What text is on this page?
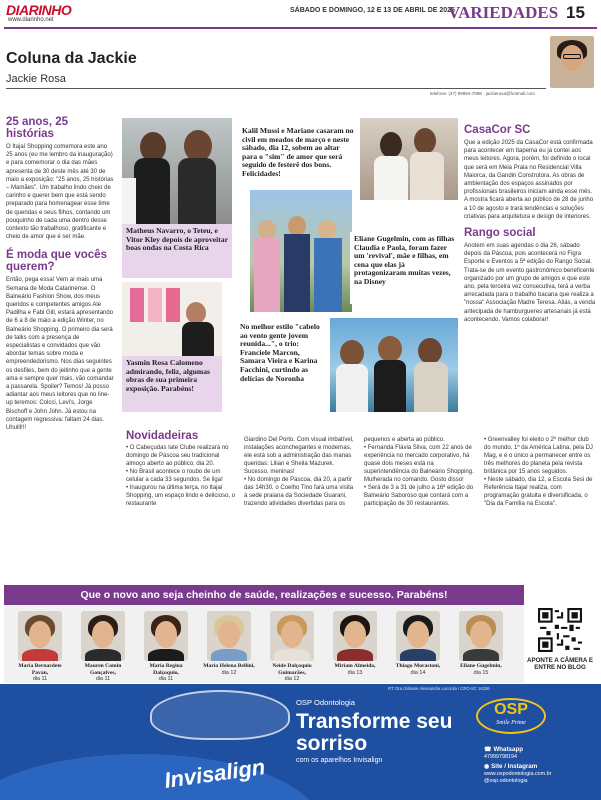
DIARINHO
www.diarinho.net
SÁBADO E DOMINGO, 12 E 13 DE ABRIL DE 2025
VARIEDADES 15
Coluna da Jackie
Jackie Rosa
telefone: (47) 99994-7998 · jackierosa@hotmail.com
25 anos, 25 histórias
O Itajaí Shopping comemora este ano 25 anos (eu me lembro da inauguração) e para comemorar o dia das mães apresenta de 30 deste mês até 30 de maio a exposição: "25 anos, 25 histórias – Mamães". Um trabalho lindo cheio de carinho e querer bem que está sendo preparado para homenagear esse time de queridas e seus filhos, contando um pouquinho de cada uma dentro desse contexto tão trabalhoso, gratificante e cheio de amor que é ser mãe.
É moda que vocês querem?
Então, pega essa! Vem aí mais uma Semana de Moda Catarinense. O Balneário Fashion Show, dos meus queridos e competentes amigos Ale Padilha e Fabi Gill, estará apresentando de 6 a 8 de maio a edição Winter, no Balneário Shopping. O primeiro dia será de talks com a presença de especialistas e convidados que vão abordar temas sobre moda e empreendedorismo. Nos dias seguintes os desfiles, bem do jeitinho que a gente ama e sempre quer mais, vão comandar a passarela. Spoiler? Temos! Já posso adiantar aos meus leitores que no line-up teremos: Colcci, Levi's, Jorge Bischoff e John John. Já estou na contagem regressiva: faltam 24 dias. Uhulll!!!
Matheus Navarro, o Teteu, e Vitor Kley depois de aproveitar boas ondas na Costa Rica
Kalil Mussi e Mariane casaram no civil em meados de março e neste sábado, dia 12, sobem ao altar para o "sim" de amor que será seguido de festerê dos bons. Felicidades!
Eliane Gugelmin, com as filhas Claudia e Paola, foram fazer um 'revival', mãe e filhas, em cena que elas já protagonizaram muitas vezes, na Disney
Yasmin Rosa Calomeno admirando, feliz, algumas obras de sua primeira exposição. Parabéns!
No melhor estilo "cabelo ao vento gente jovem reunida...", o trio: Franciele Marcon, Samara Vieira e Karina Facchini, curtindo as delícias de Noronha
CasaCor SC
Que a edição 2025 da CasaCor está confirmada para acontecer em Itapema eu já contei aos meus leitores. Agora, porém, foi definido o local que será em Meia Praia no Residencial Villa Maiorca, da Gandin Construtora. As obras de ambientação dos espaços assinados por profissionais brasileiros iniciam ainda esse mês. A mostra ficará aberta ao público de 28 de junho a 10 de agosto e trará tendências e soluções criativas para arquitetura e design de interiores.
Rango social
Anotem em suas agendas o dia 26, sábado depois da Páscoa, pois acontecerá no Figra Esporte e Eventos a 5ª edição do Rango Social. Trata-se de um evento gastronômico beneficente organizado por um grupo de amigos e que este ano, pela terceira vez consecutiva, terá a verba arrecadada para o trabalho bacana que realiza a "nossa" Associação Madre Teresa. Aliás, a venda antecipada de hamburgueres artesanais já está acontecendo. Vamos colaborar!
Novidadeiras
• O Cabeçudas Iate Clube realizará no domingo de Páscoa seu tradicional almoço aberto ao público, dia 20.
• No Brasil acontece o roubo de um celular a cada 33 segundos. Se liga!
• Inaugurou na última terça, no Itajaí Shopping, um espaço lindo e delicioso, o restaurante
Giardino Del Porto. Com visual imbatível, instalações aconchegantes e modernas, ele está sob a administração das manas queridas: Lilian e Sheila Mazurek. Sucesso, meninas!
• No domingo de Páscoa, dia 20, a partir das 14h30, o Coelho Tino fará uma visita à sede praiana da Sociedade Guarani, trazendo atividades divertidas para os
pequenos e aberta ao público.
• Fernanda Flávia Silva, com 22 anos de experiência no mercado corporativo, há quase dois meses está na superintendência do Balneário Shopping. Mulherada no comando. Gosto disso!
• Será de 3 a 31 de julho a 16ª edição do Balneário Saboroso que contará com a participação de 30 restaurantes.
• Greenvalley foi eleito o 2º melhor club do mundo, 1º da América Latina, pela DJ Mag, e é o único a permanecer entre os três melhores do planeta pela revista britânica por 15 anos seguidos.
• Neste sábado, dia 12, a Escola Sesi de Referência Itajaí realiza, com programação gratuita e diversificada, o "Dia da Família na Escola".
Que o novo ano seja cheinho de saúde, realizações e sucesso. Parabéns!
Maria Bernardete Pavan,
dia 11
Mauren Comin Gonçalves,
dia 11
Maria Regina Dalçoquio,
dia 11
Maria Helena Bellini,
dia 12
Neide Dalçoquio Guimarães,
dia 12
Miriam Almeida,
dia 13
Thiago Morastoni,
dia 14
Eliane Gugelmin,
dia 15
APONTE A CÂMERA E ENTRE NO BLOG
RT: Dra Gislaine Alessandra Lucciola / CRO-SC 16336
OSP Odontologia
Transforme seu
sorriso
com os aparelhos Invisalign
Invisalign
OSP
Smile Prime
☎ Whatsapp
47999798194
◉ Site / Instagram
www.ospodontologia.com.br
@osp.odontologia
